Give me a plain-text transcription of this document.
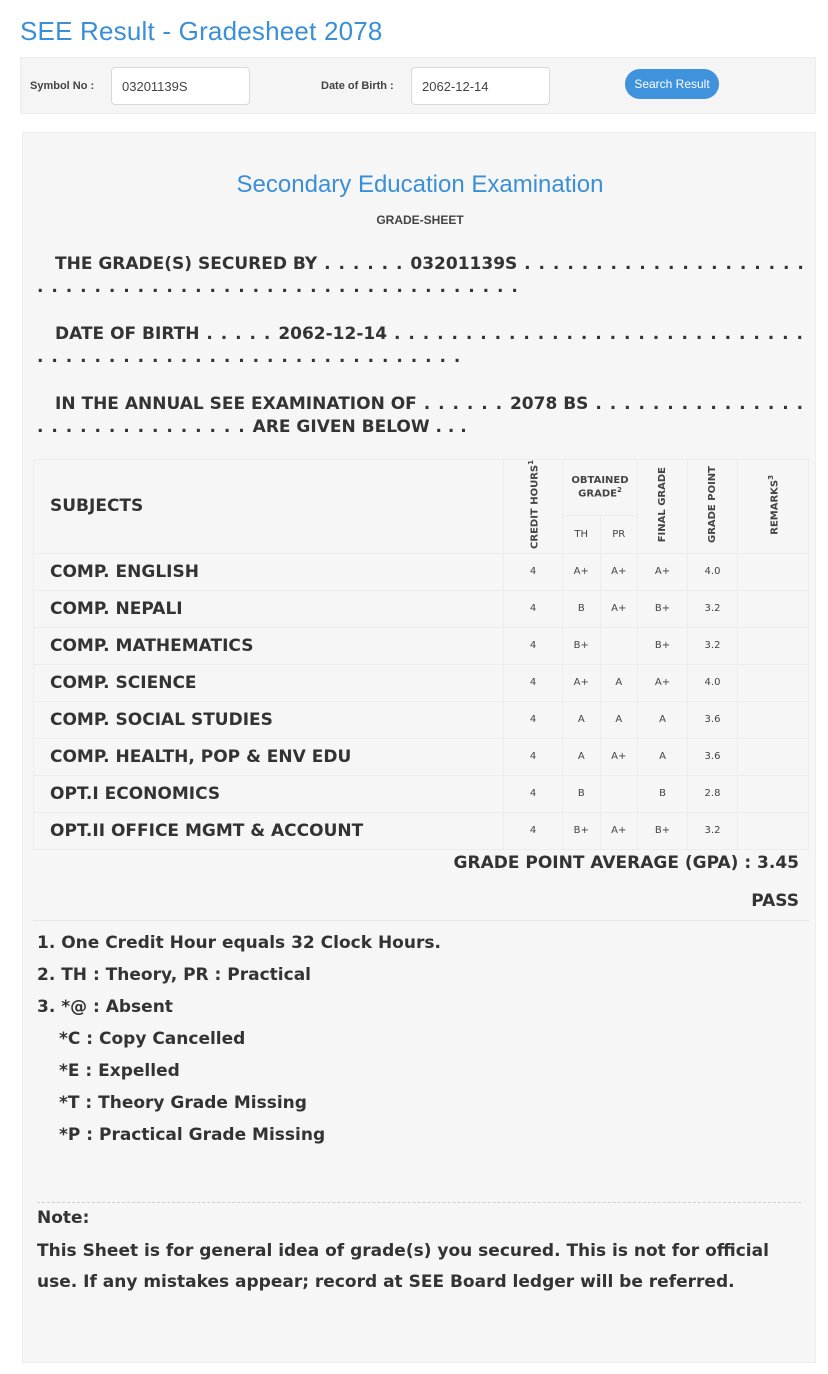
SEE Result - Gradesheet 2078
Symbol No :
03201139S	Date of Birth :
2062-12-14	Search Result
Secondary Education Examination
GRADE-SHEET
THE GRADE(S) SECURED BY . . . . . . 03201139S . . . . . . . . . . . . . . . . . . . . . . . . . . . . . . . . . . . . . . . . . . . . . . . . . . . . . .
DATE OF BIRTH . . . . . 2062-12-14 . . . . . . . . . . . . . . . . . . . . . . . . . . . . . . . . . . . . . . . . . . . . . . . . . . . . . . . . . . .
IN THE ANNUAL SEE EXAMINATION OF . . . . . . 2078 BS . . . . . . . . . . . . . . . . . . . . . . . . . . . . . . ARE GIVEN BELOW . . .
SUBJECTS	CREDIT HOURS$^1$	OBTAINED GRADE$^2$		FINAL GRADE	GRADE POINT	REMARKS$^3$
		TH	PR			
COMP. ENGLISH	4	A+	A+	A+	4.0	
COMP. NEPALI	4	B	A+	B+	3.2	
COMP. MATHEMATICS	4	B+		B+	3.2	
COMP. SCIENCE	4	A+	A	A+	4.0	
COMP. SOCIAL STUDIES	4	A	A	A	3.6	
COMP. HEALTH, POP & ENV EDU	4	A	A+	A	3.6	
OPT.I ECONOMICS	4	B		B	2.8	
OPT.II OFFICE MGMT & ACCOUNT	4	B+	A+	B+	3.2	
GRADE POINT AVERAGE (GPA) : 3.45
PASS
1. One Credit Hour equals 32 Clock Hours.
2. TH : Theory, PR : Practical
3. *@ : Absent
*C : Copy Cancelled
*E : Expelled
*T : Theory Grade Missing
*P : Practical Grade Missing
Note:
This Sheet is for general idea of grade(s) you secured. This is not for official use. If any mistakes appear; record at SEE Board ledger will be referred.
